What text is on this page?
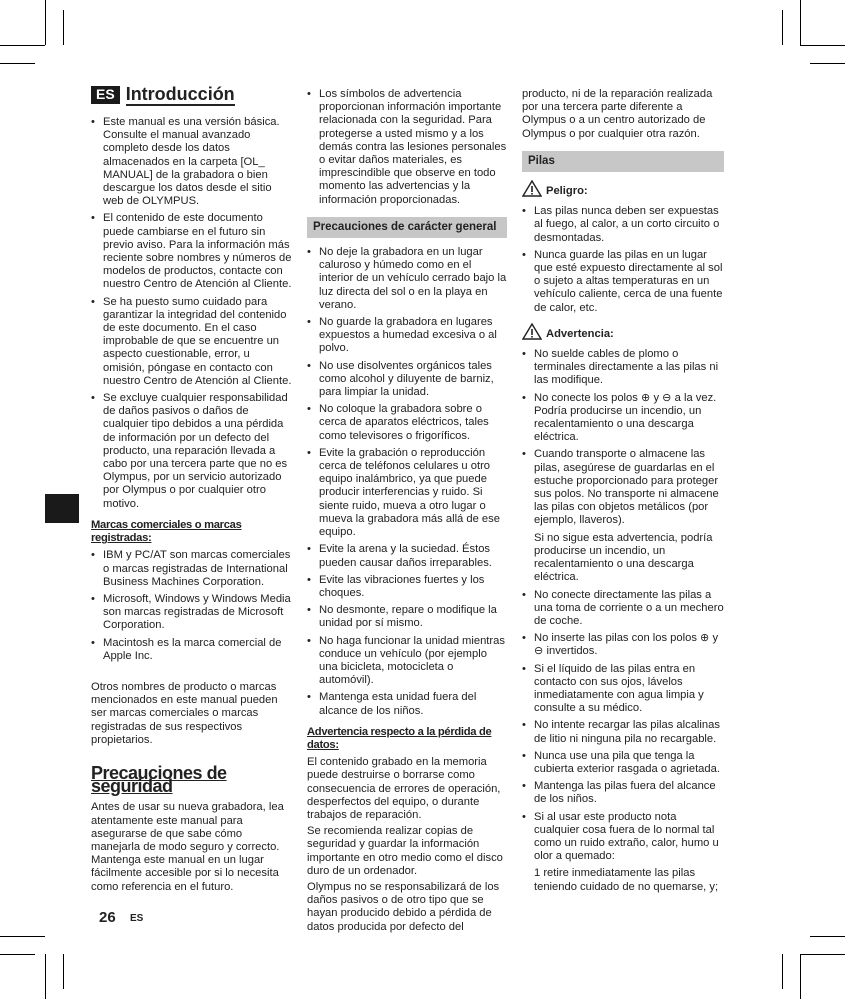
ES Introducción
• Este manual es una versión básica. Consulte el manual avanzado completo desde los datos almacenados en la carpeta [OL_ MANUAL] de la grabadora o bien descargue los datos desde el sitio web de OLYMPUS.
• El contenido de este documento puede cambiarse en el futuro sin previo aviso. Para la información más reciente sobre nombres y números de modelos de productos, contacte con nuestro Centro de Atención al Cliente.
• Se ha puesto sumo cuidado para garantizar la integridad del contenido de este documento. En el caso improbable de que se encuentre un aspecto cuestionable, error, u omisión, póngase en contacto con nuestro Centro de Atención al Cliente.
• Se excluye cualquier responsabilidad de daños pasivos o daños de cualquier tipo debidos a una pérdida de información por un defecto del producto, una reparación llevada a cabo por una tercera parte que no es Olympus, por un servicio autorizado por Olympus o por cualquier otro motivo.
Marcas comerciales o marcas registradas:
• IBM y PC/AT son marcas comerciales o marcas registradas de International Business Machines Corporation.
• Microsoft, Windows y Windows Media son marcas registradas de Microsoft Corporation.
• Macintosh es la marca comercial de Apple Inc.

Otros nombres de producto o marcas mencionados en este manual pueden ser marcas comerciales o marcas registradas de sus respectivos propietarios.

Precauciones de seguridad

Antes de usar su nueva grabadora, lea atentamente este manual para asegurarse de que sabe cómo manejarla de modo seguro y correcto. Mantenga este manual en un lugar fácilmente accesible por si lo necesita como referencia en el futuro.

• Los símbolos de advertencia proporcionan información importante relacionada con la seguridad. Para protegerse a usted mismo y a los demás contra las lesiones personales o evitar daños materiales, es imprescindible que observe en todo momento las advertencias y la información proporcionadas.
Precauciones de carácter general
• No deje la grabadora en un lugar caluroso y húmedo como en el interior de un vehículo cerrado bajo la luz directa del sol o en la playa en verano.
• No guarde la grabadora en lugares expuestos a humedad excesiva o al polvo.
• No use disolventes orgánicos tales como alcohol y diluyente de barniz, para limpiar la unidad.
• No coloque la grabadora sobre o cerca de aparatos eléctricos, tales como televisores o frigoríficos.
• Evite la grabación o reproducción cerca de teléfonos celulares u otro equipo inalámbrico, ya que puede producir interferencias y ruido. Si siente ruido, mueva a otro lugar o mueva la grabadora más allá de ese equipo.
• Evite la arena y la suciedad. Éstos pueden causar daños irreparables.
• Evite las vibraciones fuertes y los choques.
• No desmonte, repare o modifique la unidad por sí mismo.
• No haga funcionar la unidad mientras conduce un vehículo (por ejemplo una bicicleta, motocicleta o automóvil).
• Mantenga esta unidad fuera del alcance de los niños.
Advertencia respecto a la pérdida de datos:

El contenido grabado en la memoria puede destruirse o borrarse como consecuencia de errores de operación, desperfectos del equipo, o durante trabajos de reparación.

Se recomienda realizar copias de seguridad y guardar la información importante en otro medio como el disco duro de un ordenador.

Olympus no se responsabilizará de los daños pasivos o de otro tipo que se hayan producido debido a pérdida de datos producida por defecto del

producto, ni de la reparación realizada por una tercera parte diferente a Olympus o a un centro autorizado de Olympus o por cualquier otra razón.

Pilas
Peligro:
• Las pilas nunca deben ser expuestas al fuego, al calor, a un corto circuito o desmontadas.
• Nunca guarde las pilas en un lugar que esté expuesto directamente al sol o sujeto a altas temperaturas en un vehículo caliente, cerca de una fuente de calor, etc.
Advertencia:
• No suelde cables de plomo o terminales directamente a las pilas ni las modifique.
• No conecte los polos ⊕ y ⊖ a la vez. Podría producirse un incendio, un recalentamiento o una descarga eléctrica.
• Cuando transporte o almacene las pilas, asegúrese de guardarlas en el estuche proporcionado para proteger sus polos. No transporte ni almacene las pilas con objetos metálicos (por ejemplo, llaveros).
Si no sigue esta advertencia, podría producirse un incendio, un recalentamiento o una descarga eléctrica.
• No conecte directamente las pilas a una toma de corriente o a un mechero de coche.
• No inserte las pilas con los polos ⊕ y ⊖ invertidos.
• Si el líquido de las pilas entra en contacto con sus ojos, lávelos inmediatamente con agua limpia y consulte a su médico.
• No intente recargar las pilas alcalinas de litio ni ninguna pila no recargable.
• Nunca use una pila que tenga la cubierta exterior rasgada o agrietada.
• Mantenga las pilas fuera del alcance de los niños.
• Si al usar este producto nota cualquier cosa fuera de lo normal tal como un ruido extraño, calor, humo u olor a quemado:
1 retire inmediatamente las pilas teniendo cuidado de no quemarse, y;
26 ES
